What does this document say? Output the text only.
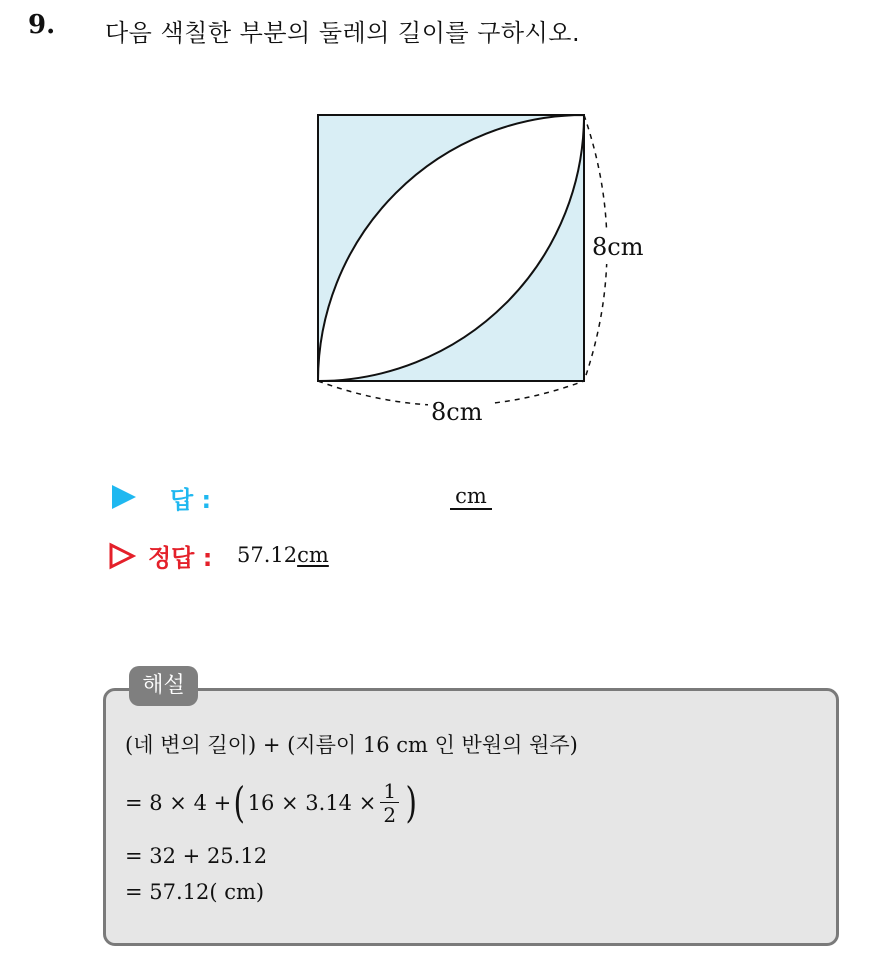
9. 다음 색칠한 부분의 둘레의 길이를 구하시오.
8cm
8cm
답 :	cm
정답 : 57.12cm
해설
(네 변의 길이) + (지름이 16 cm 인 반원의 원주)
= 8 × 4 + ( $16 \times 3.14 \times \frac{1}{2}$ )
= 32 + 25.12
= 57.12( cm)
